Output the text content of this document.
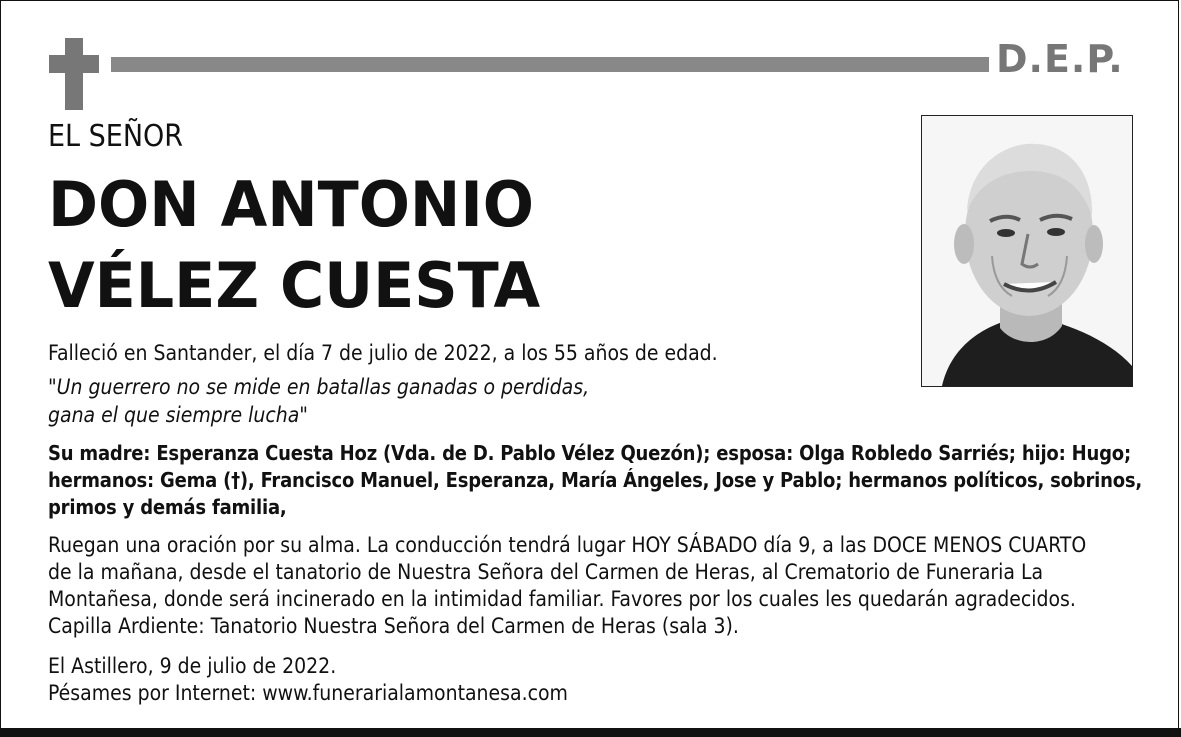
D.E.P.
EL SEÑOR
DON ANTONIO
VÉLEZ CUESTA
Falleció en Santander, el día 7 de julio de 2022, a los 55 años de edad.
"Un guerrero no se mide en batallas ganadas o perdidas,
gana el que siempre lucha"
Su madre: Esperanza Cuesta Hoz (Vda. de D. Pablo Vélez Quezón); esposa: Olga Robledo Sarriés; hijo: Hugo;
hermanos: Gema (†), Francisco Manuel, Esperanza, María Ángeles, Jose y Pablo; hermanos políticos, sobrinos,
primos y demás familia,
Ruegan una oración por su alma. La conducción tendrá lugar HOY SÁBADO día 9, a las DOCE MENOS CUARTO
de la mañana, desde el tanatorio de Nuestra Señora del Carmen de Heras, al Crematorio de Funeraria La
Montañesa, donde será incinerado en la intimidad familiar. Favores por los cuales les quedarán agradecidos.
Capilla Ardiente: Tanatorio Nuestra Señora del Carmen de Heras (sala 3).
El Astillero, 9 de julio de 2022.
Pésames por Internet: www.funerarialamontanesa.com
